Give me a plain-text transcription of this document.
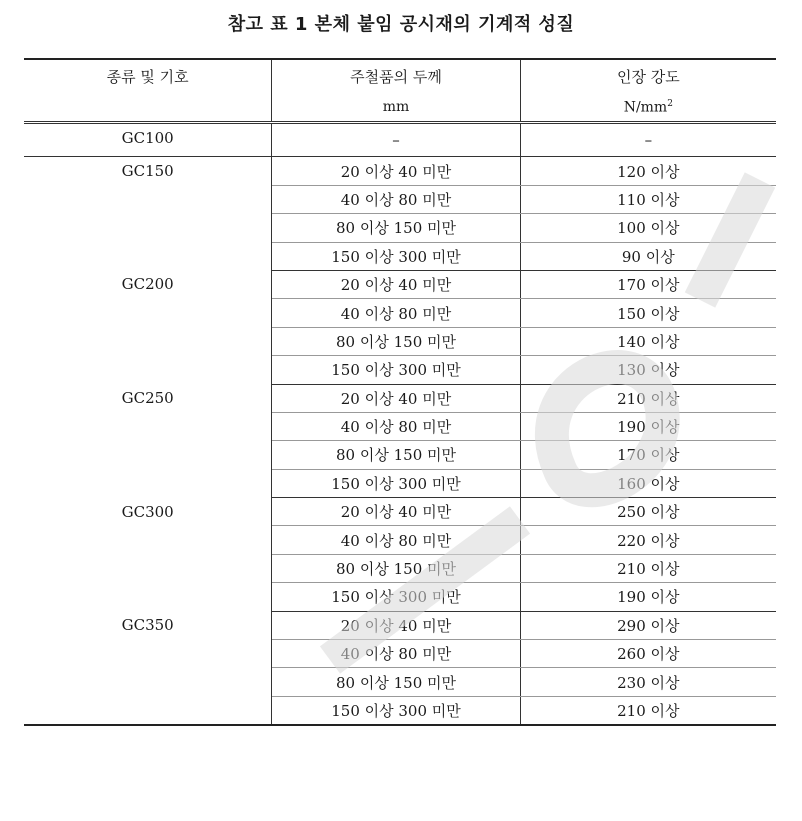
참고 표 1 본체 붙임 공시재의 기계적 성질
종류 및 기호	주철품의 두께	인장 강도
	mm	$N/mm^2$
GC100	–	–
GC150	20 이상 40 미만	120 이상
	40 이상 80 미만	110 이상
	80 이상 150 미만	100 이상
	150 이상 300 미만	90 이상
GC200	20 이상 40 미만	170 이상
	40 이상 80 미만	150 이상
	80 이상 150 미만	140 이상
	150 이상 300 미만	130 이상
GC250	20 이상 40 미만	210 이상
	40 이상 80 미만	190 이상
	80 이상 150 미만	170 이상
	150 이상 300 미만	160 이상
GC300	20 이상 40 미만	250 이상
	40 이상 80 미만	220 이상
	80 이상 150 미만	210 이상
	150 이상 300 미만	190 이상
GC350	20 이상 40 미만	290 이상
	40 이상 80 미만	260 이상
	80 이상 150 미만	230 이상
	150 이상 300 미만	210 이상
